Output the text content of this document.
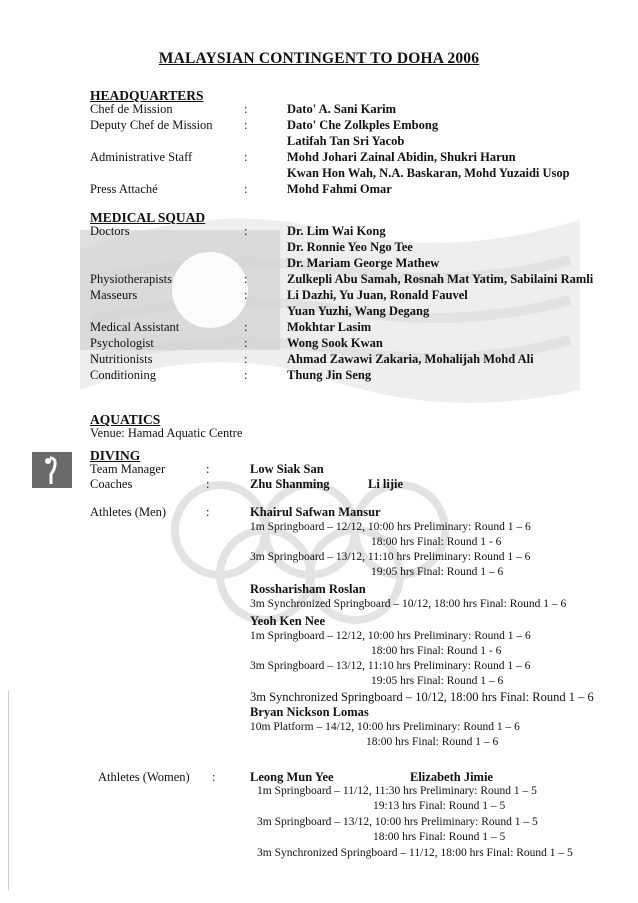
MALAYSIAN CONTINGENT TO DOHA 2006
HEADQUARTERS
Chef de Mission	:	Dato' A. Sani Karim
Deputy Chef de Mission	:	Dato' Che Zolkples Embong
Latifah Tan Sri Yacob
Administrative Staff	:	Mohd Johari Zainal Abidin, Shukri Harun
Kwan Hon Wah, N.A. Baskaran, Mohd Yuzaidi Usop
Press Attaché	:	Mohd Fahmi Omar
MEDICAL SQUAD
Doctors	:	Dr. Lim Wai Kong
Dr. Ronnie Yeo Ngo Tee
Dr. Mariam George Mathew
Physiotherapists	:	Zulkepli Abu Samah, Rosnah Mat Yatim, Sabilaini Ramli
Masseurs	:	Li Dazhi, Yu Juan, Ronald Fauvel
Yuan Yuzhi, Wang Degang
Medical Assistant	:	Mokhtar Lasim
Psychologist	:	Wong Sook Kwan
Nutritionists	:	Ahmad Zawawi Zakaria, Mohalijah Mohd Ali
Conditioning	:	Thung Jin Seng
AQUATICS
Venue: Hamad Aquatic Centre
DIVING
Team Manager	:	Low Siak San
Coaches	:	Zhu Shanming	Li lijie
Athletes (Men)	:	Khairul Safwan Mansur
1m Springboard – 12/12, 10:00 hrs Preliminary: Round 1 – 6
18:00 hrs Final: Round 1 - 6
3m Springboard – 13/12, 11:10 hrs Preliminary: Round 1 – 6
19:05 hrs Final: Round 1 – 6
Rossharisham Roslan
3m Synchronized Springboard – 10/12, 18:00 hrs Final: Round 1 – 6
Yeoh Ken Nee
1m Springboard – 12/12, 10:00 hrs Preliminary: Round 1 – 6
18:00 hrs Final: Round 1 - 6
3m Springboard – 13/12, 11:10 hrs Preliminary: Round 1 – 6
19:05 hrs Final: Round 1 – 6
3m Synchronized Springboard – 10/12, 18:00 hrs Final: Round 1 – 6
Bryan Nickson Lomas
10m Platform – 14/12, 10:00 hrs Preliminary: Round 1 – 6
18:00 hrs Final: Round 1 – 6
Athletes (Women) :	Leong Mun Yee	Elizabeth Jimie
1m Springboard – 11/12, 11:30 hrs Preliminary: Round 1 – 5
19:13 hrs Final: Round 1 – 5
3m Springboard – 13/12, 10:00 hrs Preliminary: Round 1 – 5
18:00 hrs Final: Round 1 – 5
3m Synchronized Springboard – 11/12, 18:00 hrs Final: Round 1 – 5
